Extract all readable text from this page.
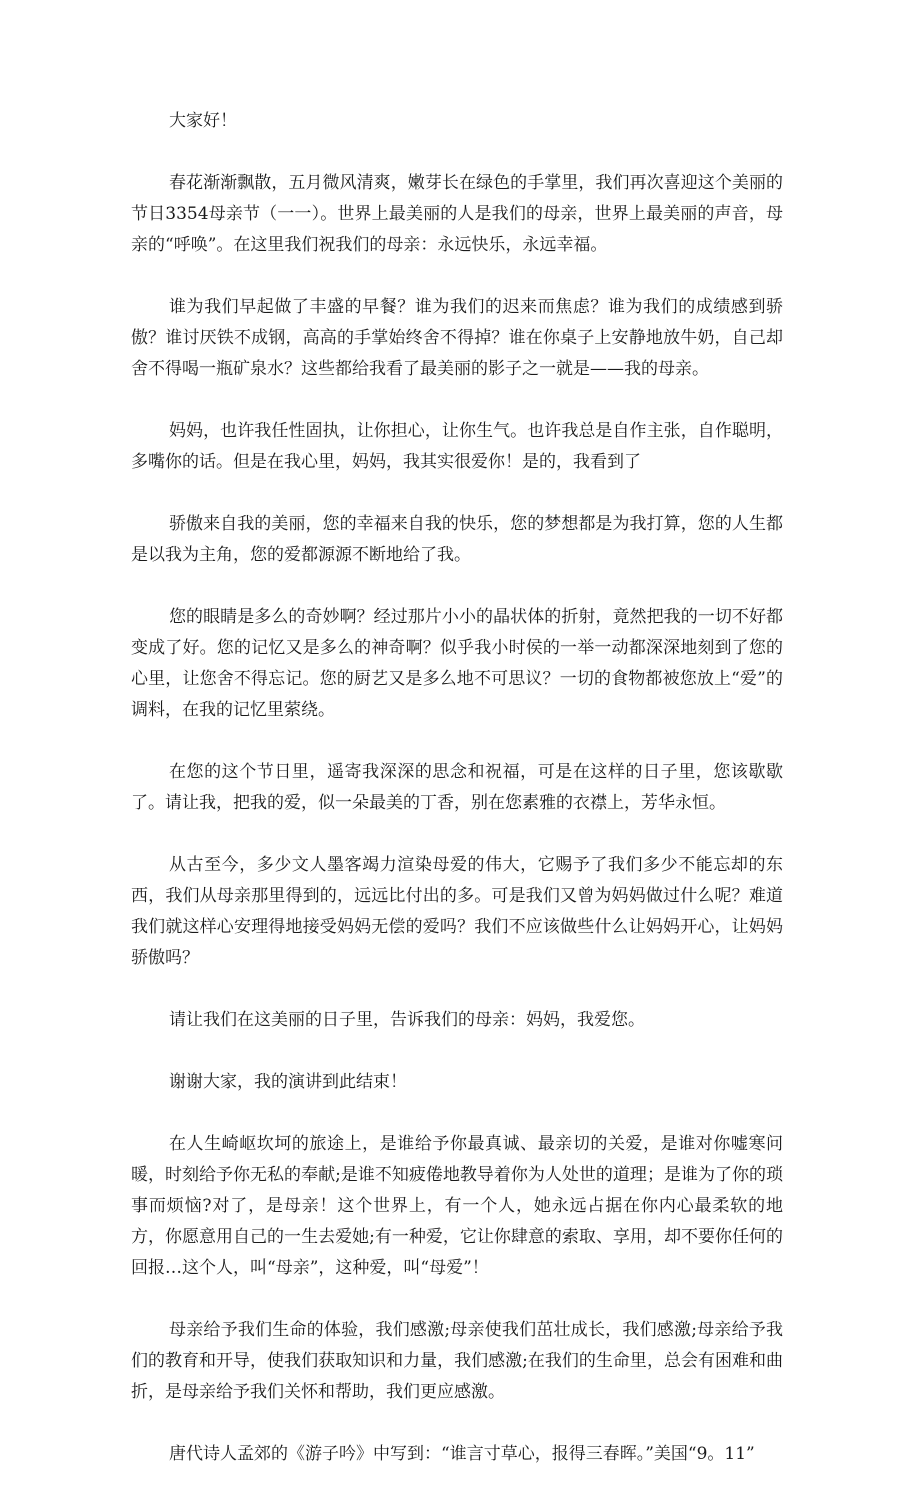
大家好！

春花渐渐飘散，五月微风清爽，嫩芽长在绿色的手掌里，我们再次喜迎这个美丽的节日3354母亲节（一一）。世界上最美丽的人是我们的母亲，世界上最美丽的声音，母亲的“呼唤”。在这里我们祝我们的母亲：永远快乐，永远幸福。

谁为我们早起做了丰盛的早餐？谁为我们的迟来而焦虑？谁为我们的成绩感到骄傲？谁讨厌铁不成钢，高高的手掌始终舍不得掉？谁在你桌子上安静地放牛奶，自己却舍不得喝一瓶矿泉水？这些都给我看了最美丽的影子之一就是——我的母亲。

妈妈，也许我任性固执，让你担心，让你生气。也许我总是自作主张，自作聪明，多嘴你的话。但是在我心里，妈妈，我其实很爱你！是的，我看到了

骄傲来自我的美丽，您的幸福来自我的快乐，您的梦想都是为我打算，您的人生都是以我为主角，您的爱都源源不断地给了我。

您的眼睛是多么的奇妙啊？经过那片小小的晶状体的折射，竟然把我的一切不好都变成了好。您的记忆又是多么的神奇啊？似乎我小时侯的一举一动都深深地刻到了您的心里，让您舍不得忘记。您的厨艺又是多么地不可思议？一切的食物都被您放上“爱”的调料，在我的记忆里萦绕。

在您的这个节日里，遥寄我深深的思念和祝福，可是在这样的日子里，您该歇歇了。请让我，把我的爱，似一朵最美的丁香，别在您素雅的衣襟上，芳华永恒。

从古至今，多少文人墨客竭力渲染母爱的伟大，它赐予了我们多少不能忘却的东西，我们从母亲那里得到的，远远比付出的多。可是我们又曾为妈妈做过什么呢？难道我们就这样心安理得地接受妈妈无偿的爱吗？我们不应该做些什么让妈妈开心，让妈妈骄傲吗？

请让我们在这美丽的日子里，告诉我们的母亲：妈妈，我爱您。

谢谢大家，我的演讲到此结束！

在人生崎岖坎坷的旅途上，是谁给予你最真诚、最亲切的关爱，是谁对你嘘寒问暖，时刻给予你无私的奉献;是谁不知疲倦地教导着你为人处世的道理；是谁为了你的琐事而烦恼?对了，是母亲！这个世界上，有一个人，她永远占据在你内心最柔软的地方，你愿意用自己的一生去爱她;有一种爱，它让你肆意的索取、享用，却不要你任何的回报…这个人，叫“母亲”，这种爱，叫“母爱”！

母亲给予我们生命的体验，我们感激;母亲使我们茁壮成长，我们感激;母亲给予我们的教育和开导，使我们获取知识和力量，我们感激;在我们的生命里，总会有困难和曲折，是母亲给予我们关怀和帮助，我们更应感激。

唐代诗人孟郊的《游子吟》中写到：“谁言寸草心，报得三春晖。”美国“9。11”
